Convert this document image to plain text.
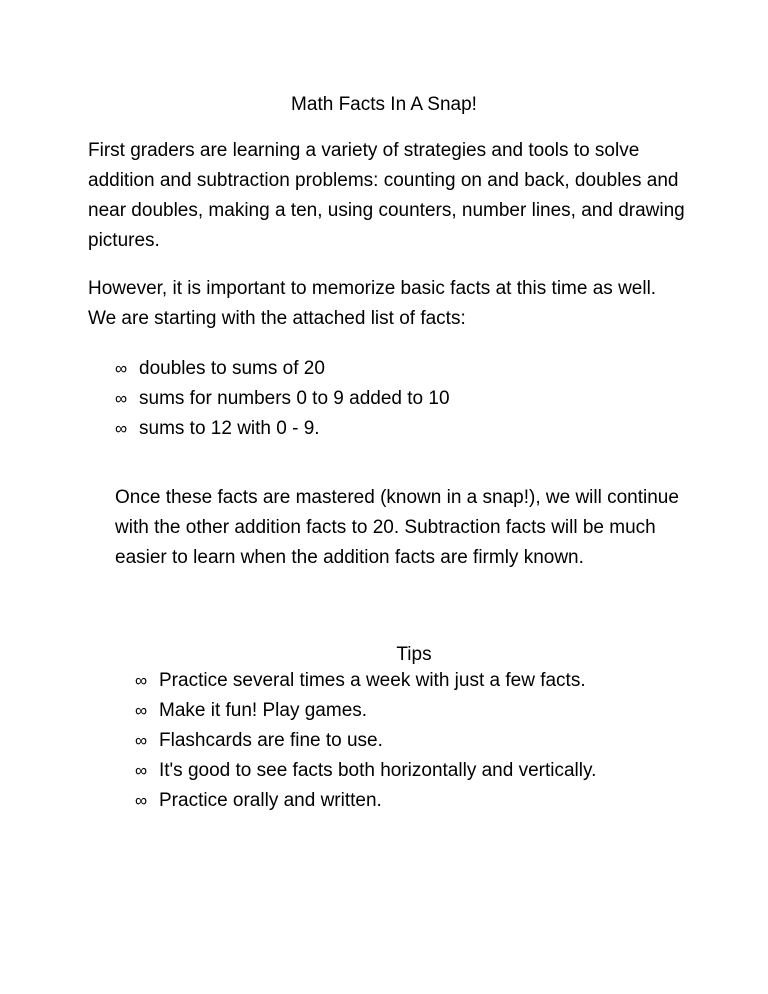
Math Facts In A Snap!
First graders are learning a variety of strategies and tools to solve addition and subtraction problems: counting on and back, doubles and near doubles, making a ten, using counters, number lines, and drawing pictures.
However, it is important to memorize basic facts at this time as well. We are starting with the attached list of facts:
∞ doubles to sums of 20
∞ sums for numbers 0 to 9 added to 10
∞ sums to 12 with 0 - 9.
Once these facts are mastered (known in a snap!), we will continue with the other addition facts to 20. Subtraction facts will be much easier to learn when the addition facts are firmly known.
Tips
∞ Practice several times a week with just a few facts.
∞ Make it fun! Play games.
∞ Flashcards are fine to use.
∞ It's good to see facts both horizontally and vertically.
∞ Practice orally and written.
